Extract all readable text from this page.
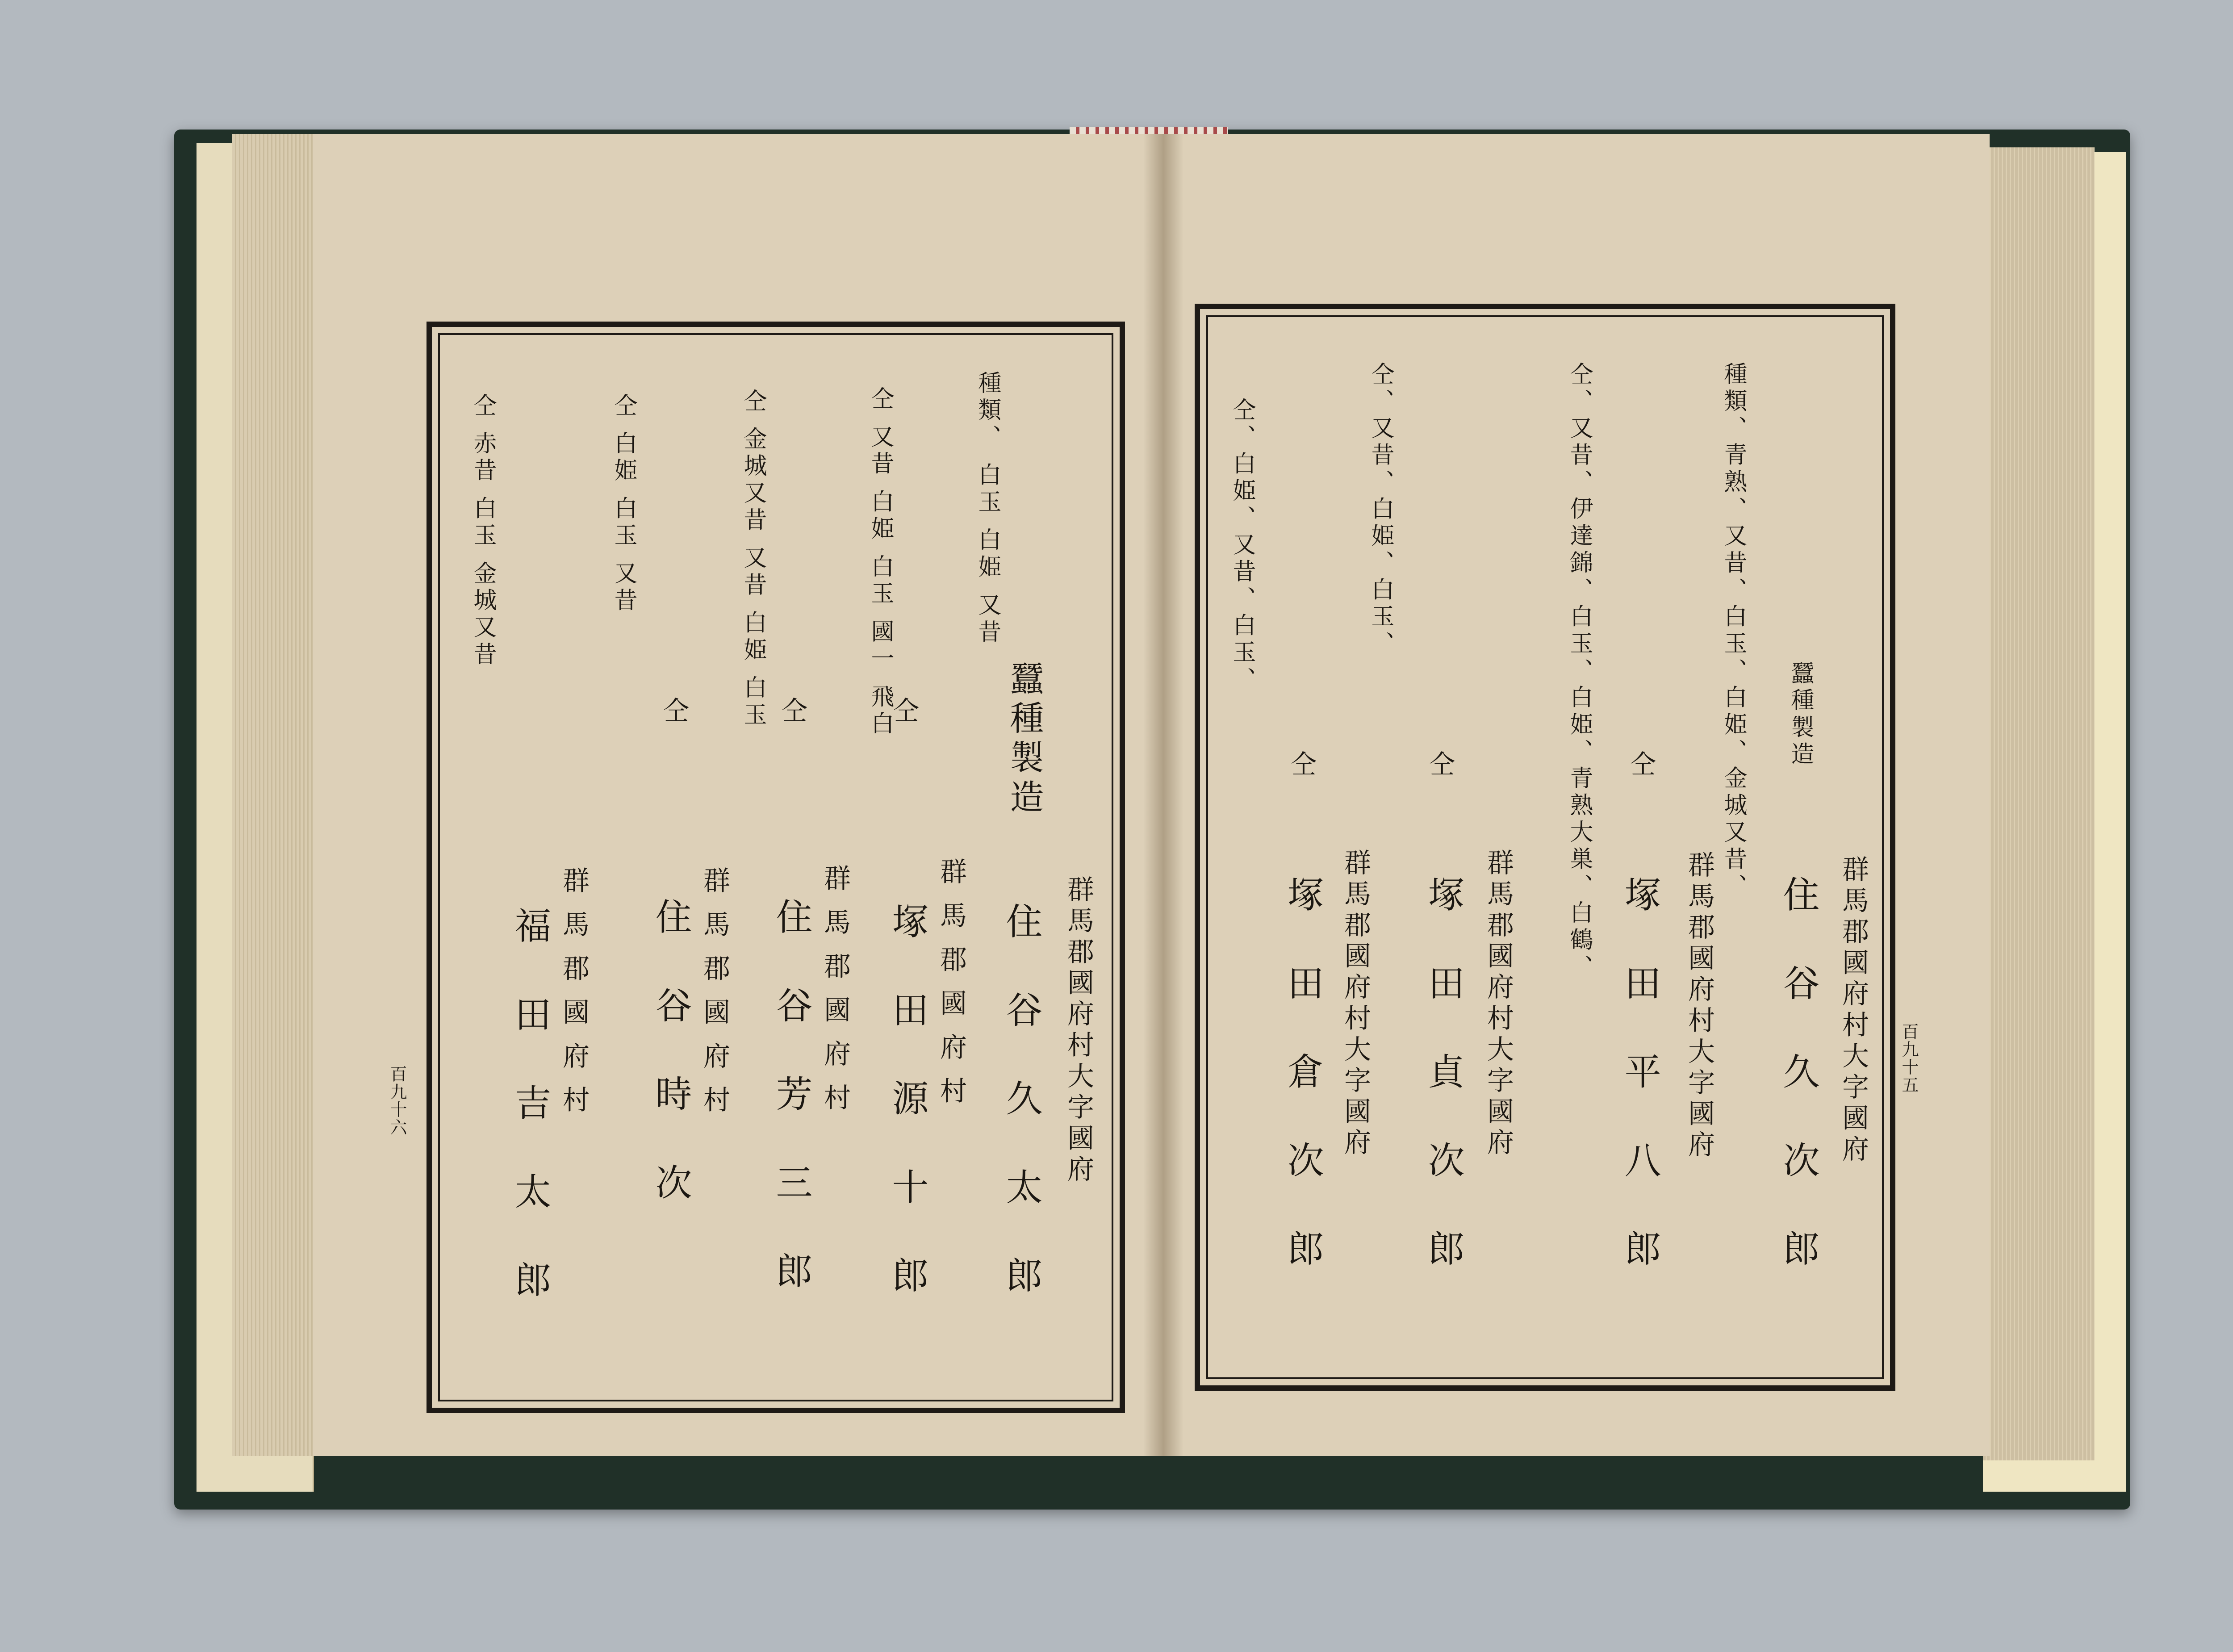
百九十六	群馬郡國府村大字國府
住 谷 久 太 郎
蠶種製造
種類、 白玉 白姫 又昔
仝 又昔 白姫 白玉 國一 飛白
群 馬 郡 國 府 村
塚 田 源 十 郎
仝 金城又昔 又昔 白姫 白玉
群 馬 郡 國 府 村
住 谷 芳 三 郎
仝 白姫 白玉 又昔
群 馬 郡 國 府 村
住 谷 時 次
仝 赤昔 白玉 金城又昔
群 馬 郡 國 府 村
福 田 吉 太 郎
仝
仝
仝
百九十五
群馬郡國府村大字國府
住 谷 久 次 郎
蠶種製造
種類、青熟、又昔、白玉、白姫、金城又昔、
仝、又昔、伊達錦、白玉、白姫、青熟大巣、白鶴、
群馬郡國府村大字國府
塚 田 平 八 郎
仝、又昔、白姫、白玉、
群馬郡國府村大字國府
塚 田 貞 次 郎
仝、白姫、又昔、白玉、
群馬郡國府村大字國府
塚 田 倉 次 郎
仝
仝
仝
